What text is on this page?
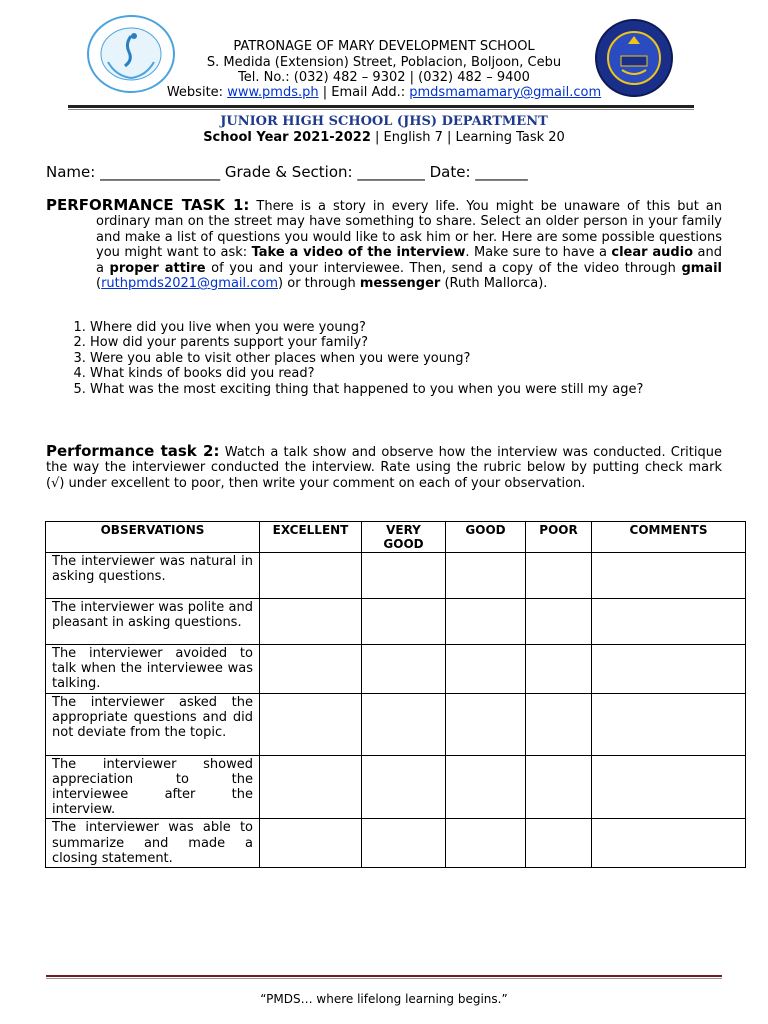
PATRONAGE OF MARY DEVELOPMENT SCHOOL
S. Medida (Extension) Street, Poblacion, Boljoon, Cebu
Tel. No.: (032) 482 – 9302 | (032) 482 – 9400
Website: www.pmds.ph | Email Add.: pmdsmamamary@gmail.com
JUNIOR HIGH SCHOOL (JHS) DEPARTMENT
School Year 2021-2022 | English 7 | Learning Task 20
Name: ________________ Grade & Section: _________ Date: _______
PERFORMANCE TASK 1: There is a story in every life. You might be unaware of this but an ordinary man on the street may have something to share. Select an older person in your family and make a list of questions you would like to ask him or her. Here are some possible questions you might want to ask: Take a video of the interview. Make sure to have a clear audio and a proper attire of you and your interviewee. Then, send a copy of the video through gmail (ruthpmds2021@gmail.com) or through messenger (Ruth Mallorca).
1. Where did you live when you were young?
2. How did your parents support your family?
3. Were you able to visit other places when you were young?
4. What kinds of books did you read?
5. What was the most exciting thing that happened to you when you were still my age?
Performance task 2: Watch a talk show and observe how the interview was conducted. Critique the way the interviewer conducted the interview. Rate using the rubric below by putting check mark (√) under excellent to poor, then write your comment on each of your observation.
OBSERVATIONS	EXCELLENT	VERY GOOD	GOOD	POOR	COMMENTS
The interviewer was natural in asking questions.					
The interviewer was polite and pleasant in asking questions.					
The interviewer avoided to talk when the interviewee was talking.					
The interviewer asked the appropriate questions and did not deviate from the topic.					
The interviewer showed appreciation to the interviewee after the interview.					
The interviewer was able to summarize and made a closing statement.					
“PMDS… where lifelong learning begins.”
